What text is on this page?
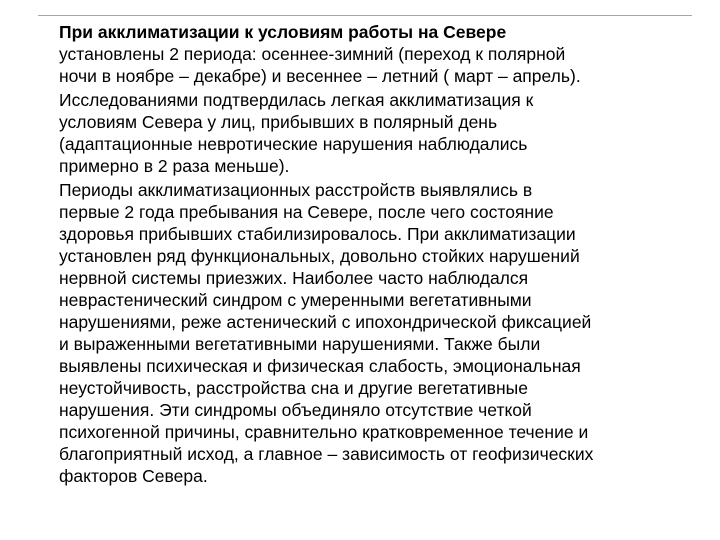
При акклиматизации к условиям работы на Севере
установлены 2 периода: осеннее-зимний (переход к полярной
ночи в ноябре – декабре) и весеннее – летний ( март – апрель).

Исследованиями подтвердилась легкая акклиматизация к
условиям Севера у лиц, прибывших в полярный день
(адаптационные невротические нарушения наблюдались
примерно в 2 раза меньше).

Периоды акклиматизационных расстройств выявлялись в
первые 2 года пребывания на Севере, после чего состояние
здоровья прибывших стабилизировалось. При акклиматизации
установлен ряд функциональных, довольно стойких нарушений
нервной системы приезжих. Наиболее часто наблюдался
неврастенический синдром с умеренными вегетативными
нарушениями, реже астенический с ипохондрической фиксацией
и выраженными вегетативными нарушениями. Также были
выявлены психическая и физическая слабость, эмоциональная
неустойчивость, расстройства сна и другие вегетативные
нарушения. Эти синдромы объединяло отсутствие четкой
психогенной причины, сравнительно кратковременное течение и
благоприятный исход, а главное – зависимость от геофизических
факторов Севера.
